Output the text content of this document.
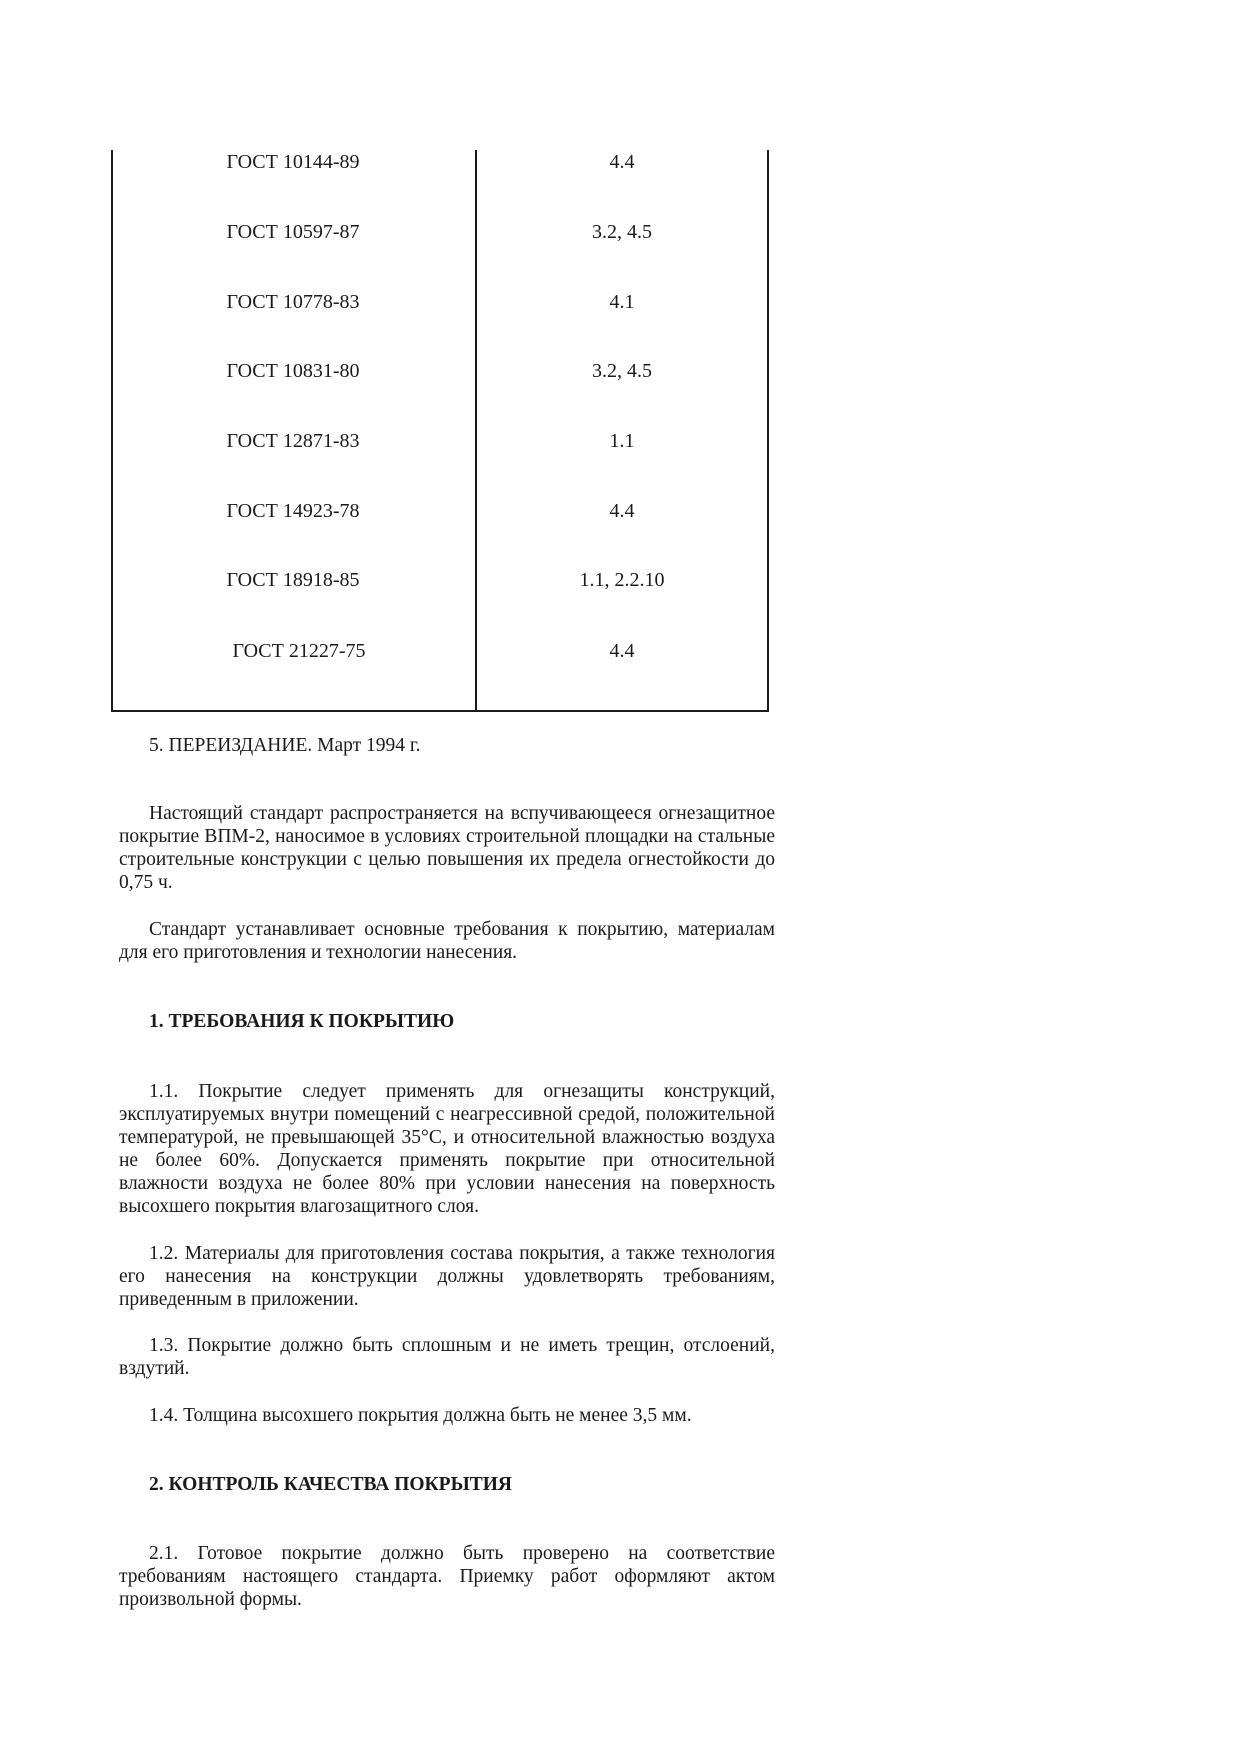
ГОСТ 10144-89	4.4
ГОСТ 10597-87	3.2, 4.5
ГОСТ 10778-83	4.1
ГОСТ 10831-80	3.2, 4.5
ГОСТ 12871-83	1.1
ГОСТ 14923-78	4.4
ГОСТ 18918-85	1.1, 2.2.10
ГОСТ 21227-75	4.4

5. ПЕРЕИЗДАНИЕ. Март 1994 г.

Настоящий стандарт распространяется на вспучивающееся огнезащитное покрытие ВПМ-2, наносимое в условиях строительной площадки на стальные строительные конструкции с целью повышения их предела огнестойкости до 0,75 ч.

Стандарт устанавливает основные требования к покрытию, материалам для его приготовления и технологии нанесения.

1. ТРЕБОВАНИЯ К ПОКРЫТИЮ

1.1. Покрытие следует применять для огнезащиты конструкций, эксплуатируемых внутри помещений с неагрессивной средой, положительной температурой, не превышающей 35°С, и относительной влажностью воздуха не более 60%. Допускается применять покрытие при относительной влажности воздуха не более 80% при условии нанесения на поверхность высохшего покрытия влагозащитного слоя.

1.2. Материалы для приготовления состава покрытия, а также технология его нанесения на конструкции должны удовлетворять требованиям, приведенным в приложении.

1.3. Покрытие должно быть сплошным и не иметь трещин, отслоений, вздутий.

1.4. Толщина высохшего покрытия должна быть не менее 3,5 мм.

2. КОНТРОЛЬ КАЧЕСТВА ПОКРЫТИЯ

2.1. Готовое покрытие должно быть проверено на соответствие требованиям настоящего стандарта. Приемку работ оформляют актом произвольной формы.
